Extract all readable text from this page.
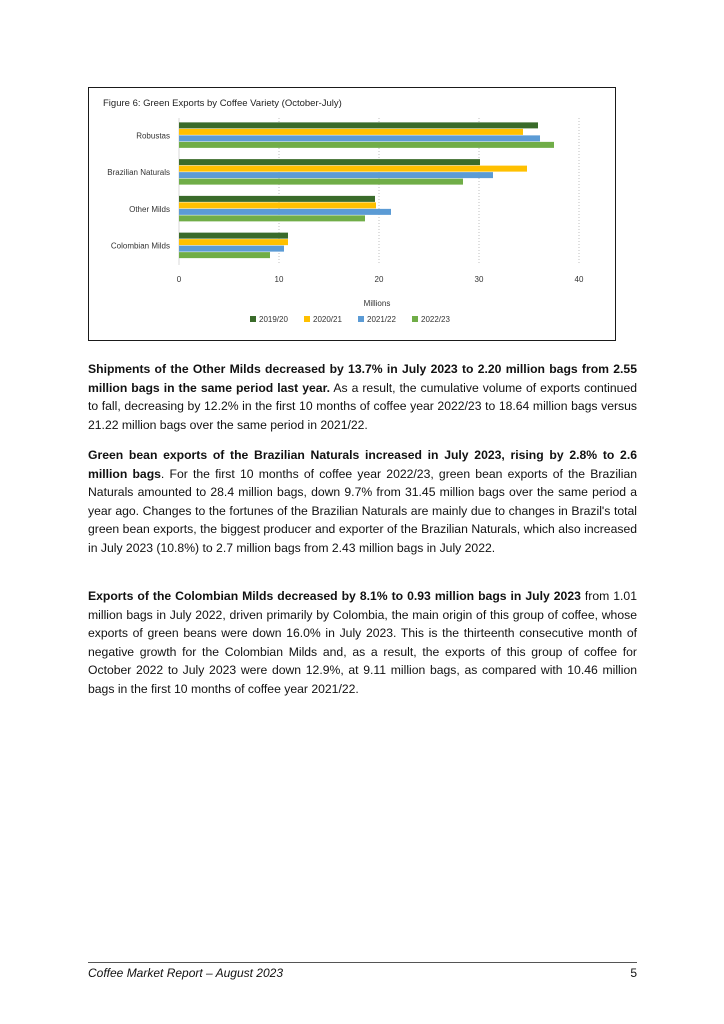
Figure 6: Green Exports by Coffee Variety (October-July)
0	10	20	30	40
Robustas
Brazilian Naturals
Other Milds
Colombian Milds
Millions
2019/20	2020/21	2021/22	2022/23

Shipments of the Other Milds decreased by 13.7% in July 2023 to 2.20 million bags from 2.55 million bags in the same period last year. As a result, the cumulative volume of exports continued to fall, decreasing by 12.2% in the first 10 months of coffee year 2022/23 to 18.64 million bags versus 21.22 million bags over the same period in 2021/22.

Green bean exports of the Brazilian Naturals increased in July 2023, rising by 2.8% to 2.6 million bags. For the first 10 months of coffee year 2022/23, green bean exports of the Brazilian Naturals amounted to 28.4 million bags, down 9.7% from 31.45 million bags over the same period a year ago. Changes to the fortunes of the Brazilian Naturals are mainly due to changes in Brazil's total green bean exports, the biggest producer and exporter of the Brazilian Naturals, which also increased in July 2023 (10.8%) to 2.7 million bags from 2.43 million bags in July 2022.

Exports of the Colombian Milds decreased by 8.1% to 0.93 million bags in July 2023 from 1.01 million bags in July 2022, driven primarily by Colombia, the main origin of this group of coffee, whose exports of green beans were down 16.0% in July 2023. This is the thirteenth consecutive month of negative growth for the Colombian Milds and, as a result, the exports of this group of coffee for October 2022 to July 2023 were down 12.9%, at 9.11 million bags, as compared with 10.46 million bags in the first 10 months of coffee year 2021/22.

Coffee Market Report – August 2023	5
